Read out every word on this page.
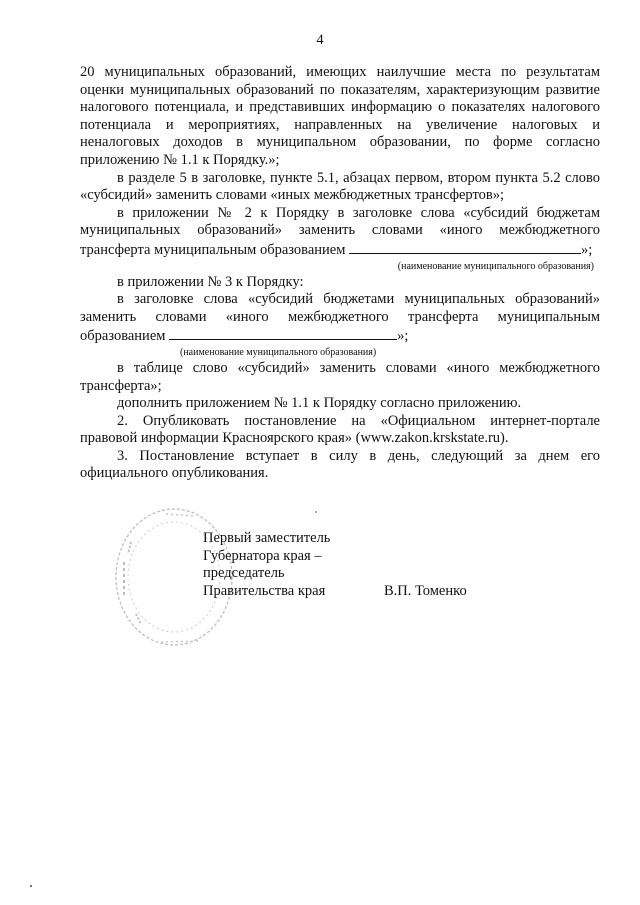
4

20 муниципальных образований, имеющих наилучшие места по результатам оценки муниципальных образований по показателям, характеризующим развитие налогового потенциала, и представивших информацию о показателях налогового потенциала и мероприятиях, направленных на увеличение налоговых и неналоговых доходов в муниципальном образовании, по форме согласно приложению № 1.1 к Порядку.»;

в разделе 5 в заголовке, пункте 5.1, абзацах первом, втором пункта 5.2 слово «субсидий» заменить словами «иных межбюджетных трансфертов»;

в приложении № 2 к Порядку в заголовке слова «субсидий бюджетам муниципальных образований» заменить словами «иного межбюджетного трансферта муниципальным образованием	»;

(наименование муниципального образования)

в приложении № 3 к Порядку:

в заголовке слова «субсидий бюджетами муниципальных образований» заменить словами «иного межбюджетного трансферта муниципальным образованием	»;

(наименование муниципального образования)

в таблице слово «субсидий» заменить словами «иного межбюджетного трансферта»;

дополнить приложением № 1.1 к Порядку согласно приложению.

2. Опубликовать постановление на «Официальном интернет-портале правовой информации Красноярского края» (www.zakon.krskstate.ru).

3. Постановление вступает в силу в день, следующий за днем его официального опубликования.

Первый заместитель
Губернатора края –
председатель
Правительства края	В.П. Томенко
